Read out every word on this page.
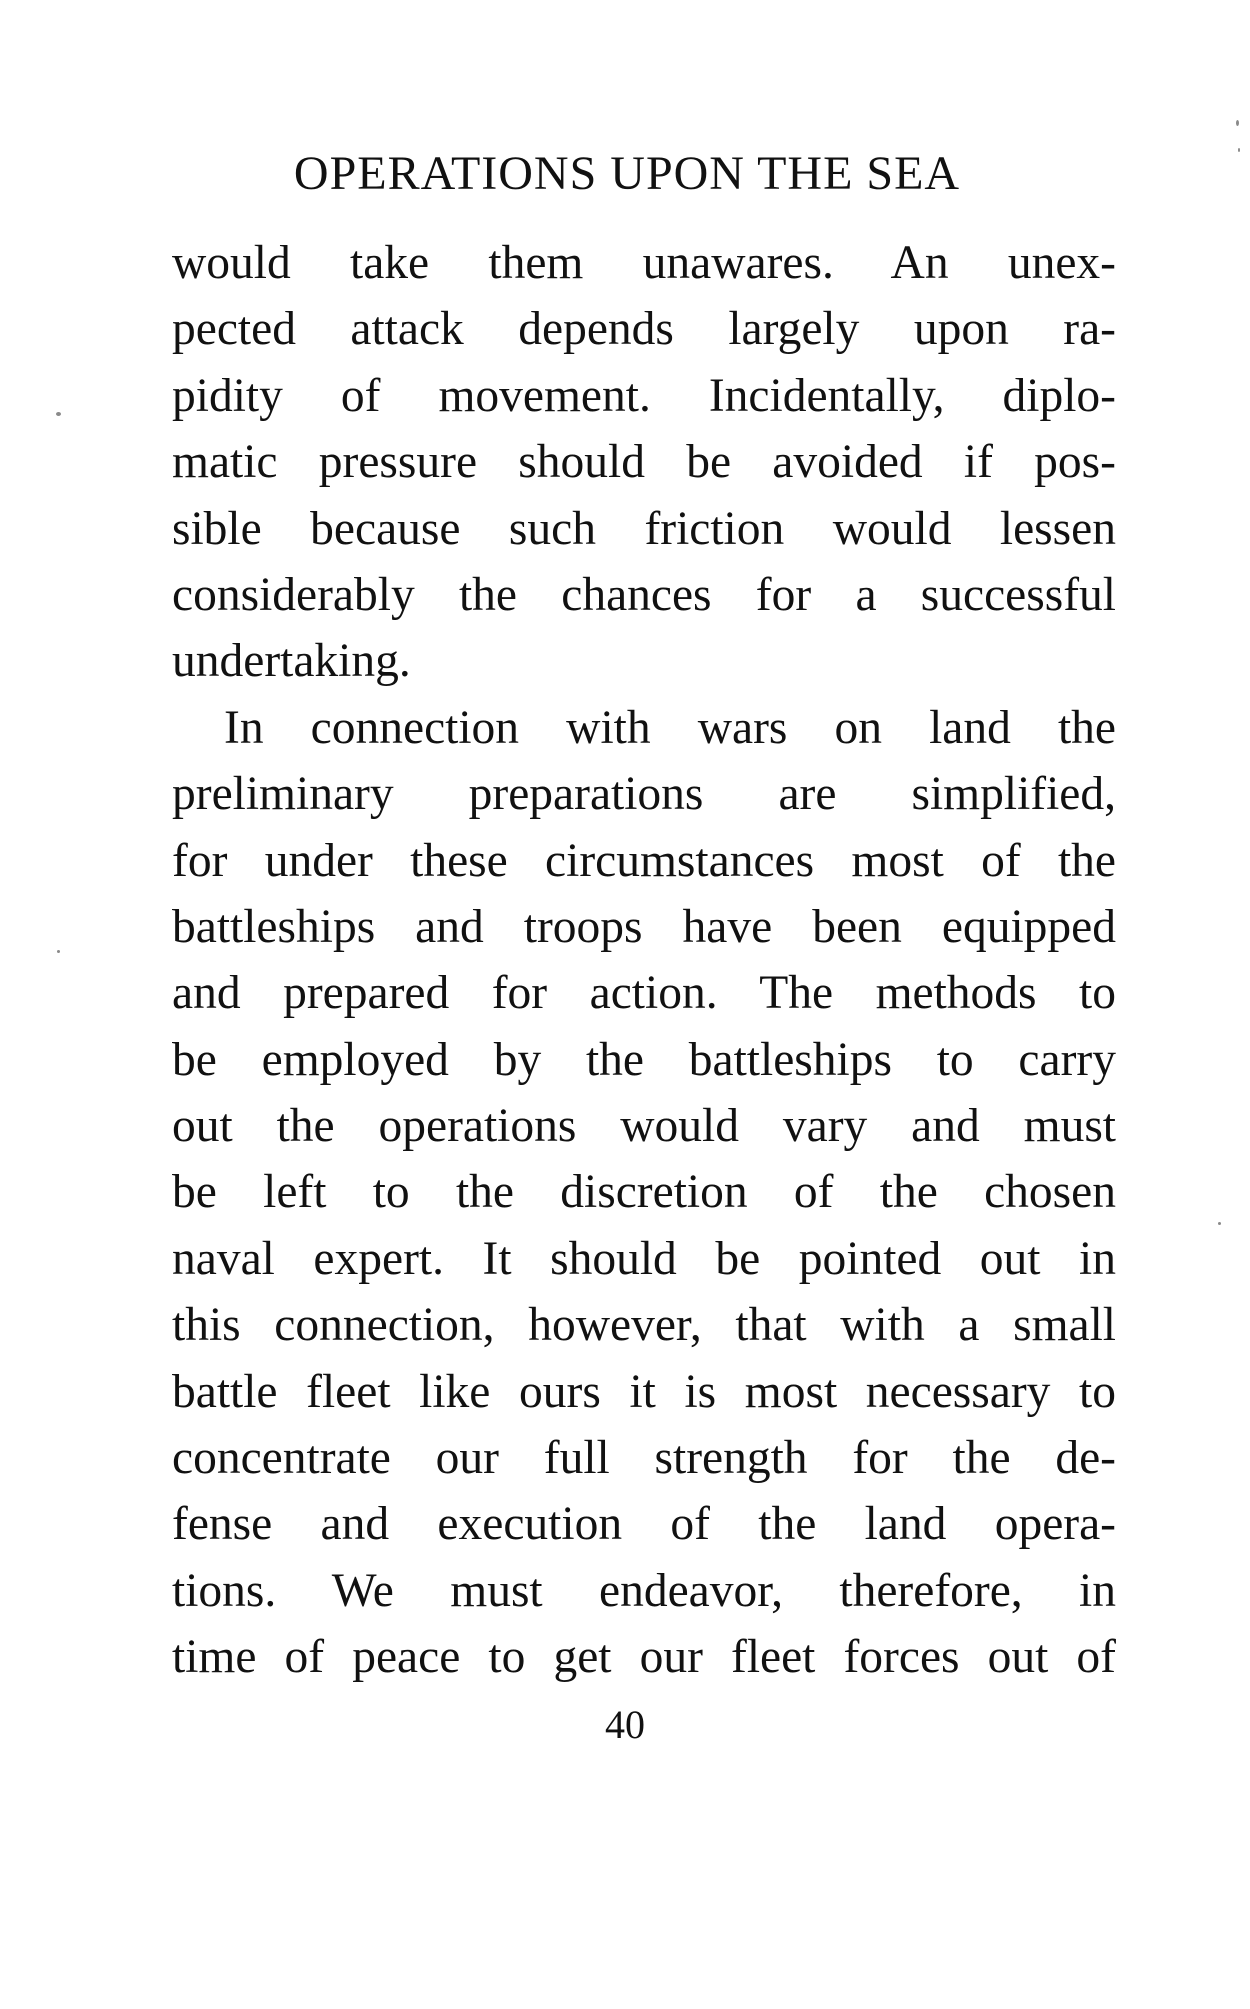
OPERATIONS UPON THE SEA
would take them unawares. An unex-
pected attack depends largely upon ra-
pidity of movement. Incidentally, diplo-
matic pressure should be avoided if pos-
sible because such friction would lessen
considerably the chances for a successful
undertaking.
In connection with wars on land the
preliminary preparations are simplified,
for under these circumstances most of the
battleships and troops have been equipped
and prepared for action. The methods to
be employed by the battleships to carry
out the operations would vary and must
be left to the discretion of the chosen
naval expert. It should be pointed out in
this connection, however, that with a small
battle fleet like ours it is most necessary to
concentrate our full strength for the de-
fense and execution of the land opera-
tions. We must endeavor, therefore, in
time of peace to get our fleet forces out of
40
